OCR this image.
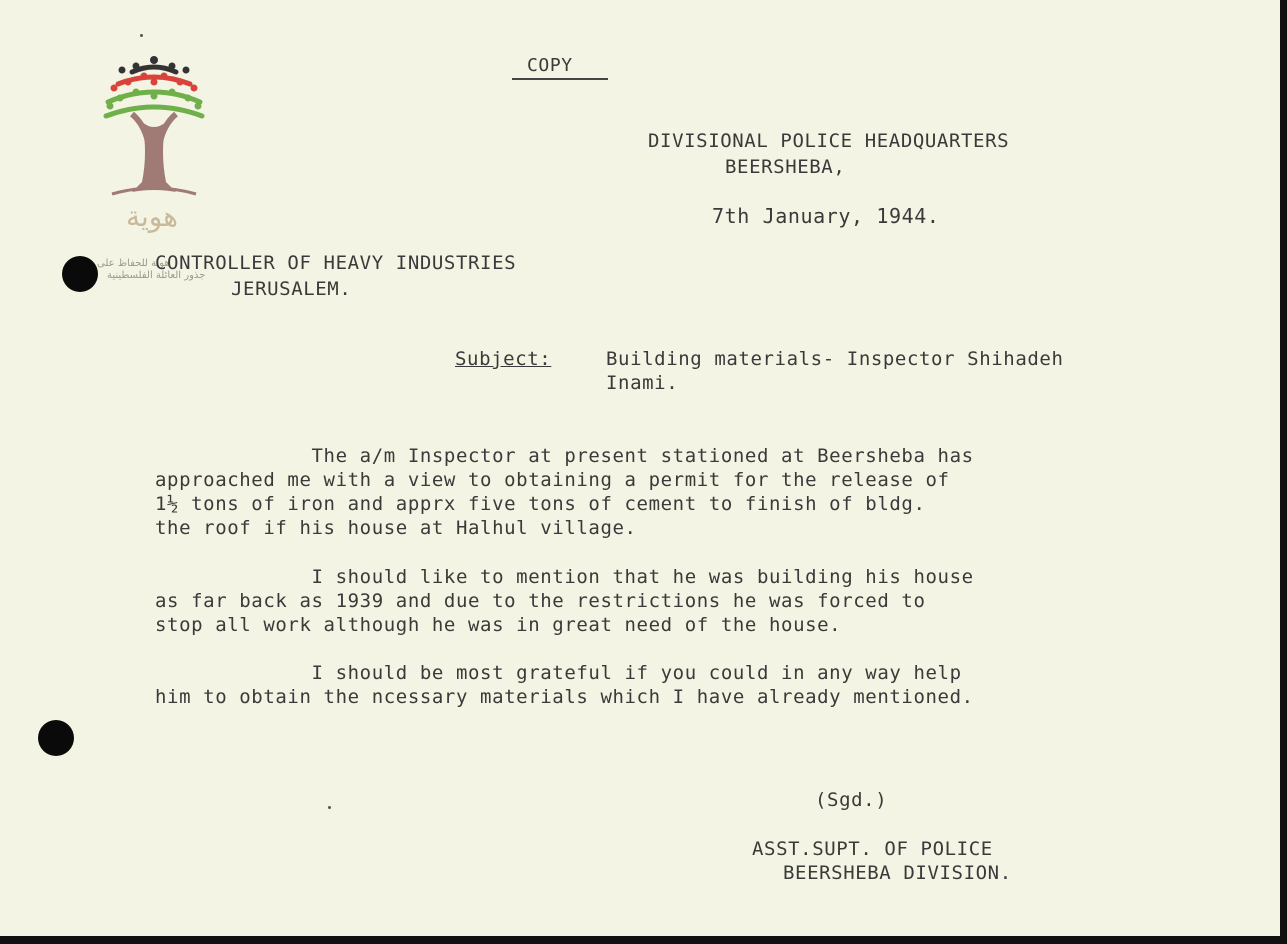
هوية
هوية للحفاظ على
جذور العائلة الفلسطينية
COPY
DIVISIONAL POLICE HEADQUARTERS
BEERSHEBA,
7th January, 1944.
CONTROLLER OF HEAVY INDUSTRIES
JERUSALEM.
Subject:	Building materials- Inspector Shihadeh
Inami.
The a/m Inspector at present stationed at Beersheba has
approached me with a view to obtaining a permit for the release of
1½ tons of iron and apprx five tons of cement to finish of bldg.
the roof if his house at Halhul village.
I should like to mention that he was building his house
as far back as 1939 and due to the restrictions he was forced to
stop all work although he was in great need of the house.
I should be most grateful if you could in any way help
him to obtain the ncessary materials which I have already mentioned.
(Sgd.)
ASST.SUPT. OF POLICE
BEERSHEBA DIVISION.
